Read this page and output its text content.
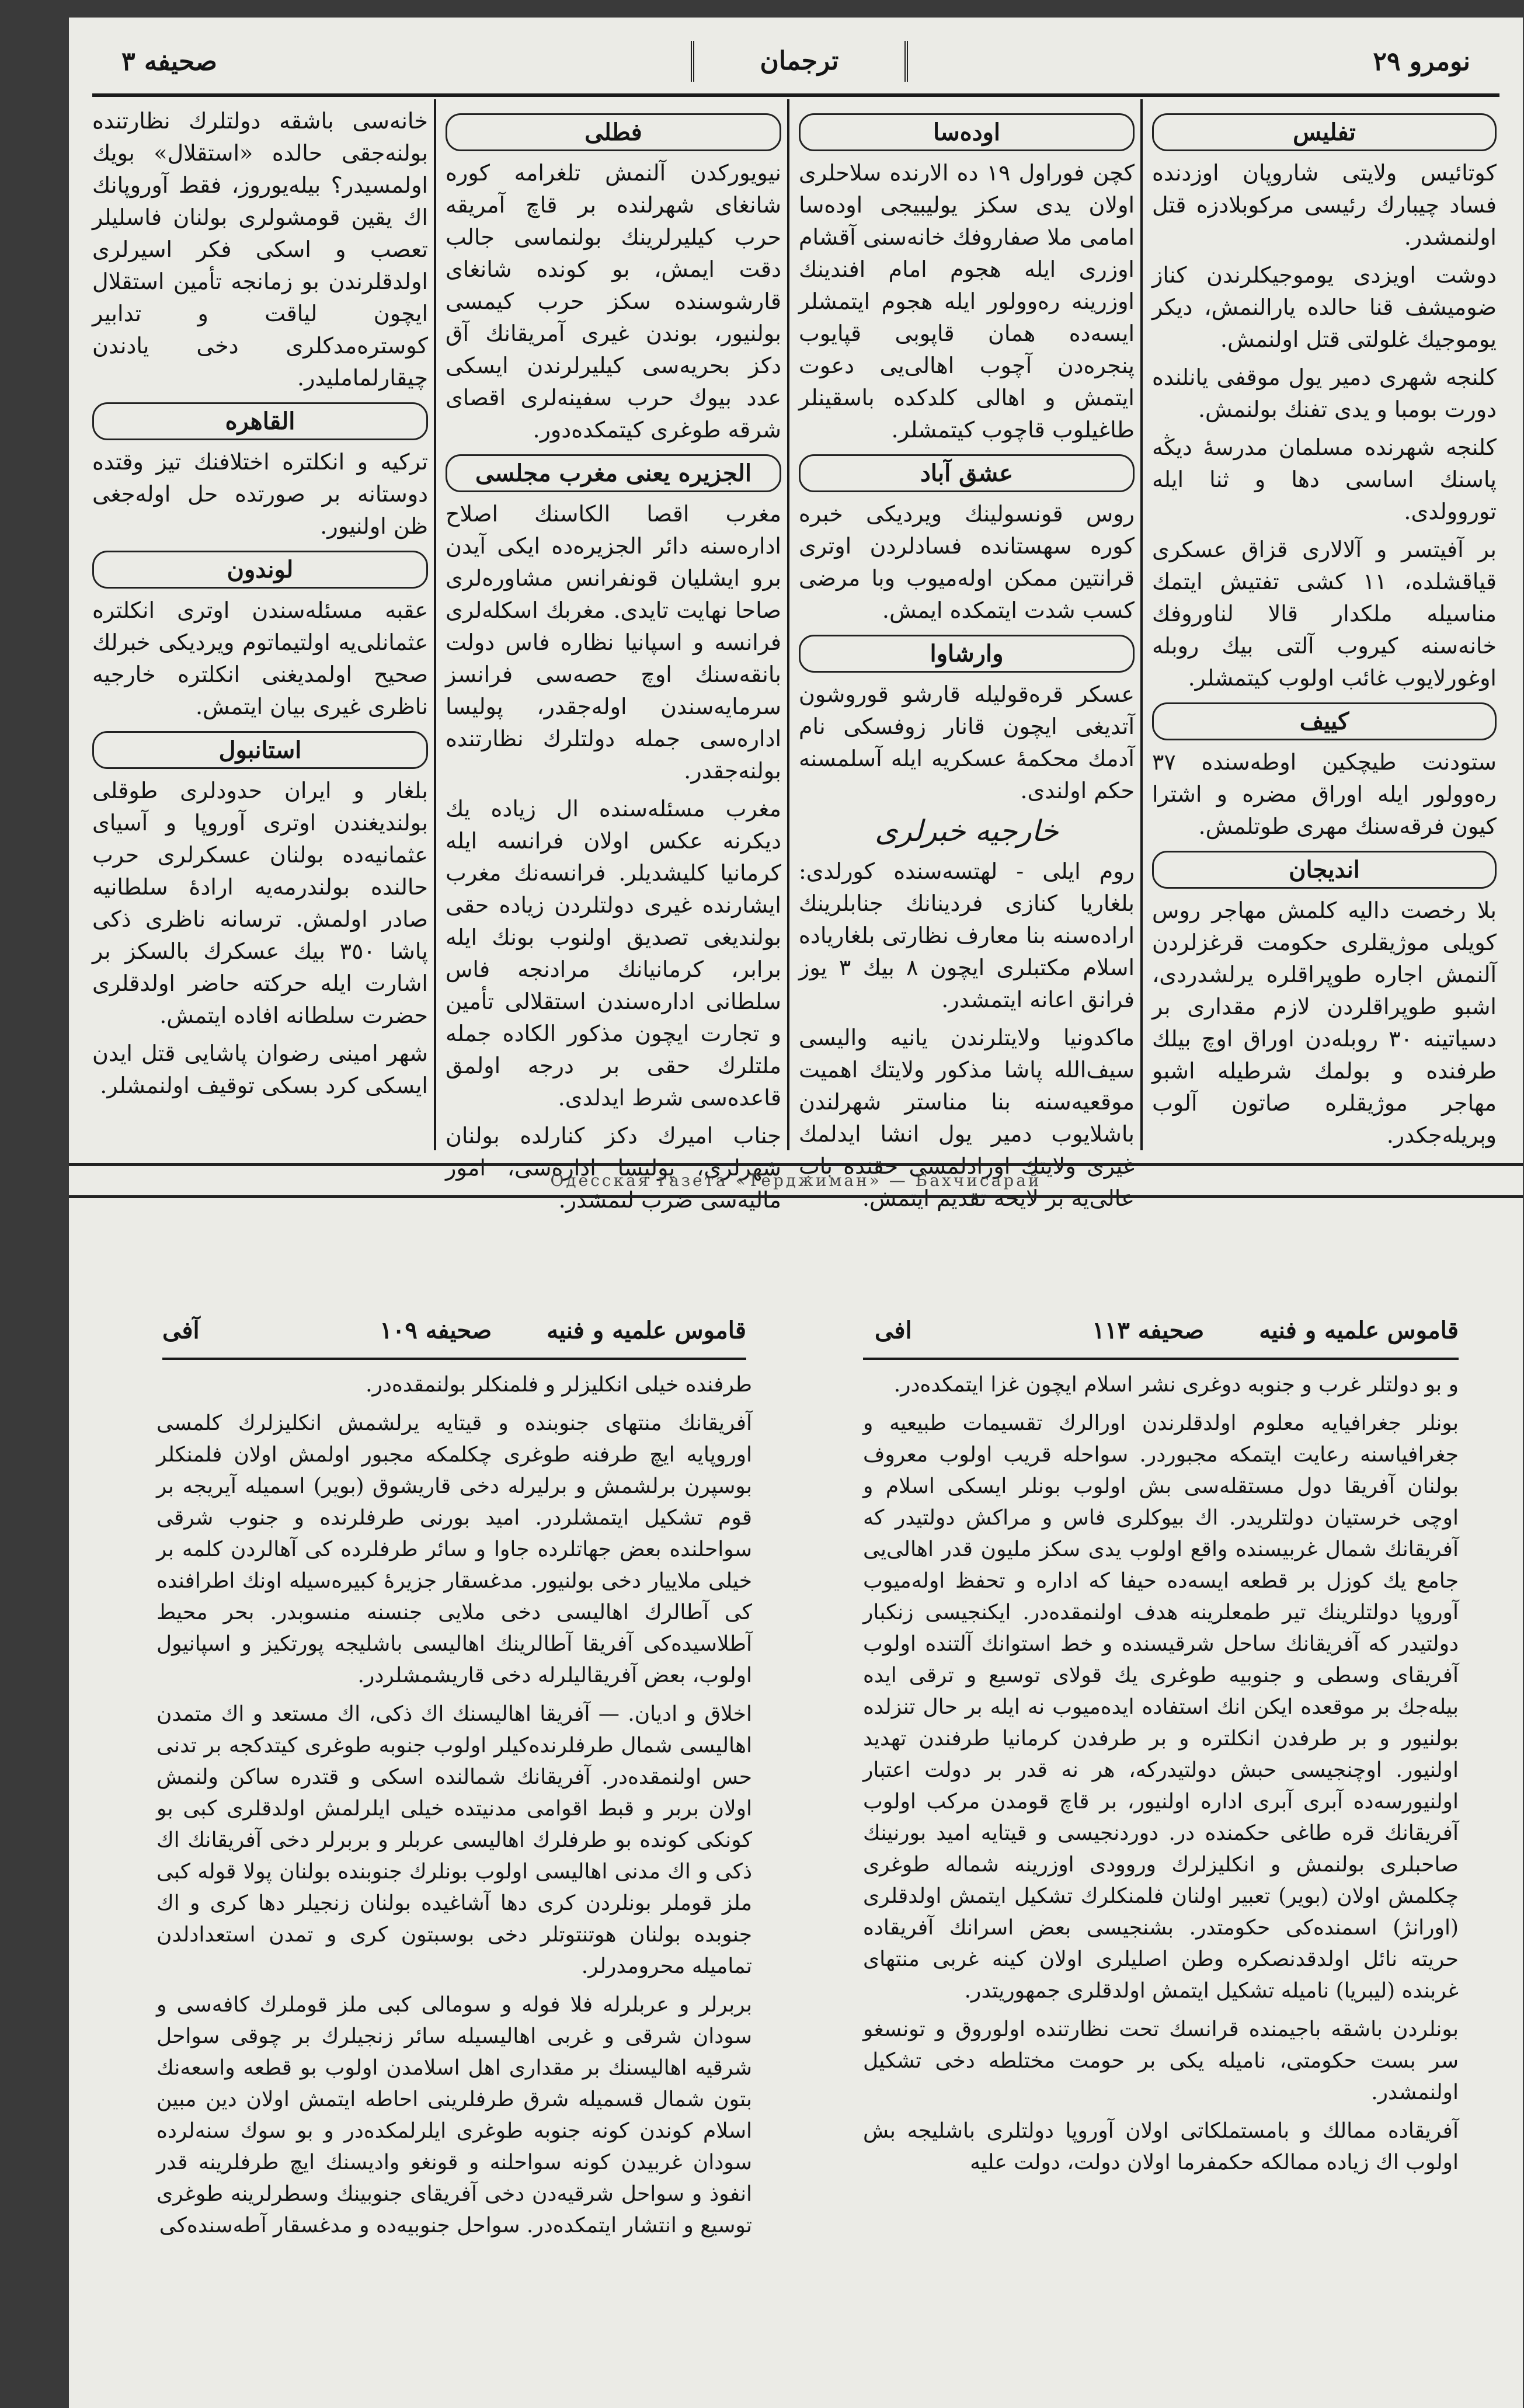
صحيفه ٣	ترجمان	نومرو ٢٩
تفليس

كوتائيس ولايتى شاروپان اوزدنده فساد چيبارك رئيسى مركوبلادزه قتل اولنمشدر.

دوشت اويزدى يوموجيكلرندن كناز ضوميشف قنا حالده يارالنمش، ديكر يوموجيك غلولتى قتل اولنمش.

كلنجه شهرى دمير يول موقفى يانلنده دورت بومبا و يدى تفنك بولنمش.

كلنجه شهرنده مسلمان مدرسهٔ ديڭه پاسنك اساسى دها و ثنا ايله توروولدى.

بر آفيتسر و آلالارى قزاق عسكرى قياقشلده، ١١ كشى تفتيش ايتمك مناسيله ملكدار قالا لناوروفك خانه‌سنه كيروب آلتى بيك روبله اوغورلايوب غائب اولوب كيتمشلر.

كييف

ستودنت طيچكين اوطه‌سنده ٣٧ رەوولور ايله اوراق مضره و اشترا كيون فرقه‌سنك مهرى طوتلمش.

انديجان

بلا رخصت داليه كلمش مهاجر روس كويلى موژيقلرى حكومت قرغزلردن آلنمش اجاره طوپراقلره يرلشدردى، اشبو طوپراقلردن لازم مقدارى بر دسياتينه ٣٠ روبله‌دن اوراق اوچ بيلك طرفنده و بولمك شرطيله اشبو مهاجر موژيقلره صاتون آلوب وېريله‌جكدر.

اوده‌سا

كچن فوراول ١٩ ده الارنده سلاحلرى اولان يدى سكز يوليبيجى اوده‌سا امامى ملا صفاروفك خانه‌سنى آقشام اوزرى ايله هجوم امام افندينك اوزرينه رەوولور ايله هجوم ايتمشلر ايسه‌ده همان قاپوبى قپايوب پنجره‌دن آچوب اهالى‌يى دعوت ايتمش و اهالى كلدكده باسقينلر طاغيلوب قاچوب كيتمشلر.

عشق آباد

روس قونسولينك ويرديكى خبره كوره سهستانده فسادلردن اوترى قرانتين ممكن اوله‌ميوب وبا مرضى كسب شدت ايتمكده ايمش.

وارشاوا

عسكر قرەقوليله قارشو قوروشون آتديغى ايچون قانار زوفسكى نام آدمك محكمهٔ عسكريه ايله آسلمسنه حكم اولندى.

خارجيه خبرلرى

روم ايلى - لهتسه‌سنده كورلدى: بلغاريا كنازى فردينانك جنابلرينك اراده‌سنه بنا معارف نظارتى بلغاريا‌ده اسلام مكتبلرى ايچون ٨ بيك ٣ يوز فرانق اعانه ايتمشدر.

ماكدونيا ولايتلرندن يانيه واليسى سيف‌الله پاشا مذكور ولايتك اهميت موقعيه‌سنه بنا مناستر شهرلندن باشلايوب دمير يول انشا ايدلمك غيرى ولايتك اوزادلمسى حقنده باب عالى‌يه بر لايحه تقديم ايتمش.

فطلى

نيويوركدن آلنمش تلغرامه كوره شانغاى شهرلنده بر قاچ آمريقه حرب كيليرلرينك بولنماسى جالب دقت ايمش، بو كونده شانغاى قارشوسنده سكز حرب كيمسى بولنيور، بوندن غيرى آمريقانك آق دكز بحريه‌سى كيليرلرندن ايسكى عدد بيوك حرب سفينه‌لرى اقصاى شرقه طوغرى كيتمكده‌دور.

الجزيره يعنى مغرب مجلسى

مغرب اقصا الكاسنك اصلاح اداره‌سنه دائر الجزيره‌ده ايكى آيدن برو ايشليان قونفرانس مشاوره‌لرى صاحا نهايت تايدى. مغربك اسكله‌لرى فرانسه و اسپانيا نظاره فاس دولت بانقه‌سنك اوچ حصه‌سى فرانسز سرمايه‌سندن اوله‌جقدر، پوليسا اداره‌سى جمله دولتلرك نظارتنده بولنه‌جقدر.

مغرب مسئله‌سنده ال زياده يك ديكرنه عكس اولان فرانسه ايله كرمانيا كليشديلر. فرانسه‌نك مغرب ايشارنده غيرى دولتلردن زياده حقى بولنديغى تصديق اولنوب بونك ايله برابر، كرمانيانك مرادنجه فاس سلطانى اداره‌سندن استقلالى تأمين و تجارت ايچون مذكور الكاده جمله ملتلرك حقى بر درجه اولمق قاعده‌سى شرط ايدلدى.

جناب اميرك دكز كنارلده بولنان شهرلرى، پوليسا اداره‌سى، امور ماليه‌سى ضرب لنمشدر.

خانه‌سى باشقه دولتلرك نظارتنده بولنه‌جقى حالده «استقلال» بويك اولمسيدر؟ بيله‌يوروز، فقط آوروپانك اك يقين قومشولرى بولنان فاسليلر تعصب و اسكى فكر اسيرلرى اولدقلرندن بو زمانجه تأمين استقلال ايچون لياقت و تدابير كوستره‌مدكلرى دخى يادندن چيقارلمامليدر.

القاهره

تركيه و انكلتره اختلافنك تيز وقتده دوستانه بر صورتده حل اوله‌جغى ظن اولنيور.

لوندون

عقبه مسئله‌سندن اوترى انكلتره عثمانلى‌يه اولتيماتوم ويرديكى خبرلك صحيح اولمديغنى انكلتره خارجيه ناظرى غيرى بيان ايتمش.

استانبول

بلغار و ايران حدودلرى طوقلى بولنديغندن اوترى آوروپا و آسياى عثمانيه‌ده بولنان عسكرلرى حرب حالنده بولندرمه‌يه ارادهٔ سلطانيه صادر اولمش. ترسانه ناظرى ذكى پاشا ٣٥٠ بيك عسكرك بالسكز بر اشارت ايله حركته حاضر اولدقلرى حضرت سلطانه افاده ايتمش.

شهر امينى رضوان پاشايى قتل ايدن ايسكى كرد بسكى توقيف اولنمشلر.

Одесcкая газета «Терджиман» — Бахчисарай
آفى	قاموس علميه و فنيه صحيفه ١٠٩	افى	قاموس علميه و فنيه صحيفه ١١٣

طرفنده خيلى انكليزلر و فلمنكلر بولنمقده‌در.

آفريقانك منتهاى جنوبنده و قيتايه يرلشمش انكليزلرك كلمسى اوروپايه ايچ طرفنه طوغرى چكلمكه مجبور اولمش اولان فلمنكلر بوسپرن برلشمش و برليرله دخى قاريشوق (بوير) اسميله آيريجه بر قوم تشكيل ايتمشلردر. اميد بورنى طرفلرنده و جنوب شرقى سواحلنده بعض جهاتلرده جاوا و سائر طرفلرده كى آهالردن كلمه بر خيلى ملاييار دخى بولنيور. مدغسقار جزيرهٔ كبيره‌سيله اونك اطرافنده كى آطالرك اهاليسى دخى ملايى جنسنه منسوبدر. بحر محيط آطلاسيده‌كى آفريقا آطالرينك اهاليسى باشليجه پورتكيز و اسپانيول اولوب، بعض آفريقاليلرله دخى قاريشمشلردر.

اخلاق و اديان. — آفريقا اهاليسنك اك ذكى، اك مستعد و اك متمدن اهاليسى شمال طرفلرنده‌كيلر اولوب جنوبه طوغرى كيتدكجه بر تدنى حس اولنمقده‌در. آفريقانك شمالنده اسكى و قتدره ساكن ولنمش اولان بربر و قبط اقوامى مدنيتده خيلى ايلرلمش اولدقلرى كبى بو كونكى كونده بو طرفلرك اهاليسى عربلر و بربرلر دخى آفريقانك اك ذكى و اك مدنى اهاليسى اولوب بونلرك جنوبنده بولنان پولا قوله كبى ملز قوملر بونلردن كرى دها آشاغيده بولنان زنجيلر دها كرى و اك جنوبده بولنان هوتنتوتلر دخى بوسبتون كرى و تمدن استعدادلدن تماميله محرومدرلر.

بربرلر و عربلرله فلا فوله و سومالى كبى ملز قوملرك كافه‌سى و سودان شرقى و غربى اهاليسيله سائر زنجيلرك بر چوقى سواحل شرقيه اهاليسنك بر مقدارى اهل اسلامدن اولوب بو قطعه واسعه‌نك بتون شمال قسميله شرق طرفلرينى احاطه ايتمش اولان دين مبين اسلام كوندن كونه جنوبه طوغرى ايلرلمكده‌در و بو سوك سنه‌لرده سودان غربيدن كونه سواحلنه و قونغو واديسنك ايچ طرفلرينه قدر انفوذ و سواحل شرقيه‌دن دخى آفريقاى جنوبينك وسطرلرينه طوغرى توسيع و انتشار ايتمكده‌در. سواحل جنوبيه‌ده و مدغسقار آطه‌سنده‌كى

و بو دولتلر غرب و جنوبه دوغرى نشر اسلام ايچون غزا ايتمكده‌در.

بونلر جغرافيايه معلوم اولدقلرندن اورالرك تقسيمات طبيعيه و جغرافياسنه رعايت ايتمكه مجبوردر. سواحله قريب اولوب معروف بولنان آفريقا دول مستقله‌سى بش اولوب بونلر ايسكى اسلام و اوچى خرستيان دولتلريدر. اك بيوكلرى فاس و مراكش دولتيدر كه آفريقانك شمال غربيسنده واقع اولوب يدى سكز مليون قدر اهالى‌يى جامع يك كوزل بر قطعه ايسه‌ده حيفا كه اداره و تحفظ اوله‌ميوب آوروپا دولتلرينك تير طمعلرينه هدف اولنمقده‌در. ايكنجيسى زنكبار دولتيدر كه آفريقانك ساحل شرقيسنده و خط استوانك آلتنده اولوب آفريقاى وسطى و جنوبيه طوغرى يك قولاى توسيع و ترقى ايده بيله‌جك بر موقعده ايكن انك استفاده ايده‌ميوب نه ايله بر حال تنزلده بولنيور و بر طرفدن انكلتره و بر طرفدن كرمانيا طرفندن تهديد اولنيور. اوچنجيسى حبش دولتيدركه، هر نه قدر بر دولت اعتبار اولنيورسه‌ده آبرى آبرى اداره اولنيور، بر قاچ قومدن مركب اولوب آفريقانك قره طاغى حكمنده در. دوردنجيسى و قيتايه اميد بورنينك صاحبلرى بولنمش و انكليزلرك وروودى اوزرينه شماله طوغرى چكلمش اولان (بوير) تعبير اولنان فلمنكلرك تشكيل ايتمش اولدقلرى (اورانژ) اسمنده‌كى حكومتدر. بشنجيسى بعض اسرانك آفريقاده حريته نائل اولدقدنصكره وطن اصليلرى اولان كينه غربى منتهاى غربنده (ليبريا) ناميله تشكيل ايتمش اولدقلرى جمهوريتدر.

بونلردن باشقه باجيمنده قرانسك تحت نظارتنده اولوروق و تونسغو سر بست حكومتى، ناميله يكى بر حومت مختلطه دخى تشكيل اولنمشدر.

آفريقاده ممالك و بامستملكاتى اولان آوروپا دولتلرى باشليجه بش اولوب اك زياده ممالكه حكمفرما اولان دولت، دولت عليه
